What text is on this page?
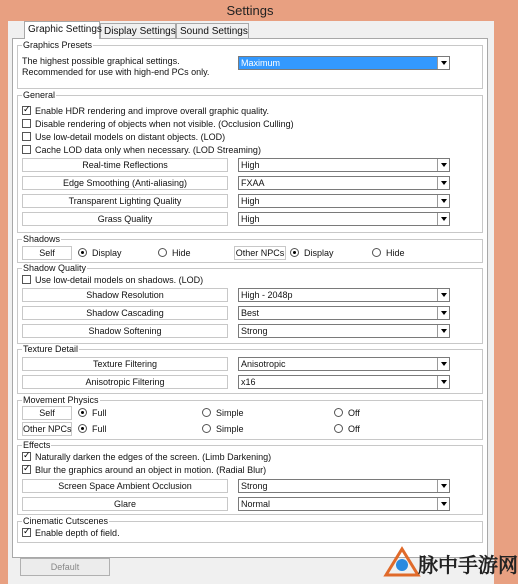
Settings
Graphic Settings Display Settings Sound Settings
Graphics Presets
The highest possible graphical settings.
Recommended for use with high-end PCs only.
Maximum
General
✓ Enable HDR rendering and improve overall graphic quality.
Disable rendering of objects when not visible. (Occlusion Culling)
Use low-detail models on distant objects. (LOD)
Cache LOD data only when necessary. (LOD Streaming)
Real-time Reflections	High
Edge Smoothing (Anti-aliasing)	FXAA
Transparent Lighting Quality	High
Grass Quality	High
Shadows
Self	Display	Hide	Other NPCs	Display	Hide
Shadow Quality
Use low-detail models on shadows. (LOD)
Shadow Resolution	High - 2048p
Shadow Cascading	Best
Shadow Softening	Strong
Texture Detail
Texture Filtering	Anisotropic
Anisotropic Filtering	x16
Movement Physics
Self	Full	Simple	Off
Other NPCs	Full	Simple	Off
Effects
✓ Naturally darken the edges of the screen. (Limb Darkening)
✓ Blur the graphics around an object in motion. (Radial Blur)
Screen Space Ambient Occlusion	Strong
Glare	Normal
Cinematic Cutscenes
✓ Enable depth of field.
Default	脉中手游网
